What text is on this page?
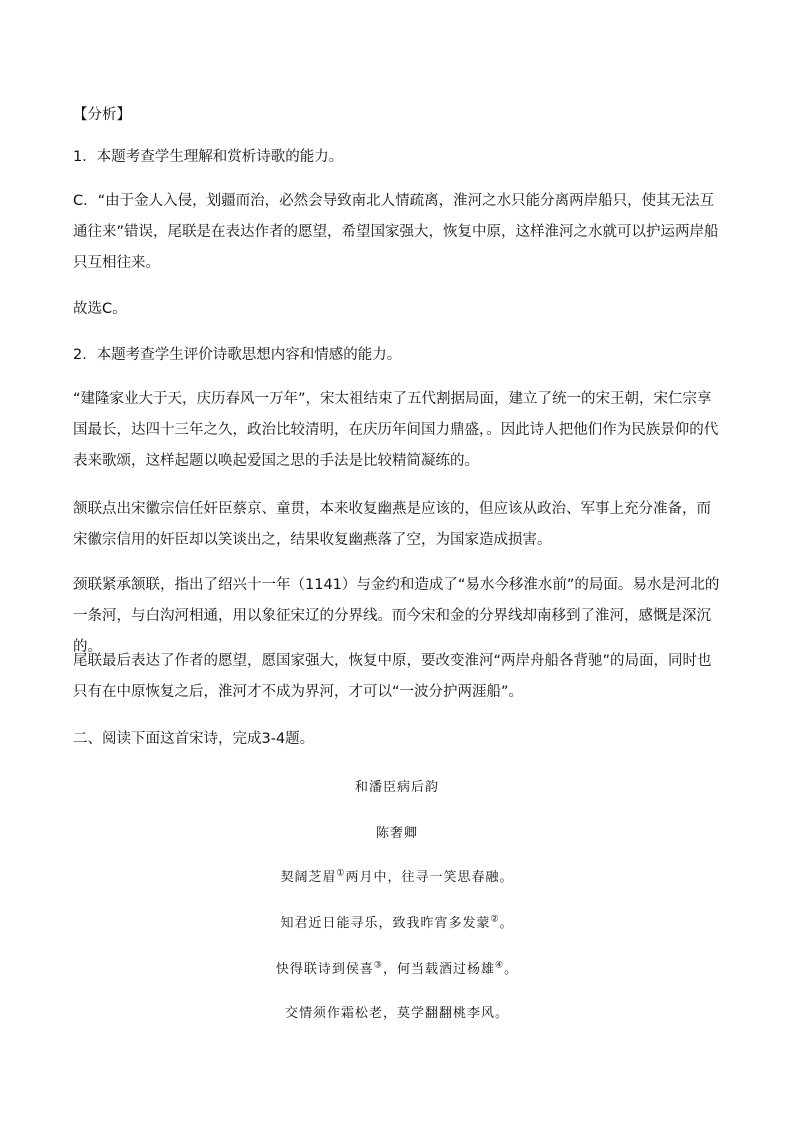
【分析】

1．本题考查学生理解和赏析诗歌的能力。

C．“由于金人入侵，划疆而治，必然会导致南北人情疏离，淮河之水只能分离两岸船只，使其无法互通往来”错误，尾联是在表达作者的愿望，希望国家强大，恢复中原，这样淮河之水就可以护运两岸船只互相往来。

故选C。

2．本题考查学生评价诗歌思想内容和情感的能力。

“建隆家业大于天，庆历春风一万年”，宋太祖结束了五代割据局面，建立了统一的宋王朝，宋仁宗享国最长，达四十三年之久，政治比较清明，在庆历年间国力鼎盛，。因此诗人把他们作为民族景仰的代表来歌颂，这样起题以唤起爱国之思的手法是比较精简凝练的。

颔联点出宋徽宗信任奸臣蔡京、童贯，本来收复幽燕是应该的，但应该从政治、军事上充分准备，而宋徽宗信用的奸臣却以笑谈出之，结果收复幽燕落了空，为国家造成损害。

颈联紧承颔联，指出了绍兴十一年（1141）与金约和造成了“易水今移淮水前”的局面。易水是河北的一条河，与白沟河相通，用以象征宋辽的分界线。而今宋和金的分界线却南移到了淮河，感慨是深沉的。

尾联最后表达了作者的愿望，愿国家强大，恢复中原，要改变淮河“两岸舟船各背驰”的局面，同时也只有在中原恢复之后，淮河才不成为界河，才可以“一波分护两涯船”。

二、阅读下面这首宋诗，完成3-4题。

和潘臣病后韵

陈奢卿

契阔芝眉①两月中，往寻一笑思春融。

知君近日能寻乐，致我昨宵多发蒙②。

快得联诗到侯喜③，何当载酒过杨雄④。

交情须作霜松老，莫学翻翻桃李风。
